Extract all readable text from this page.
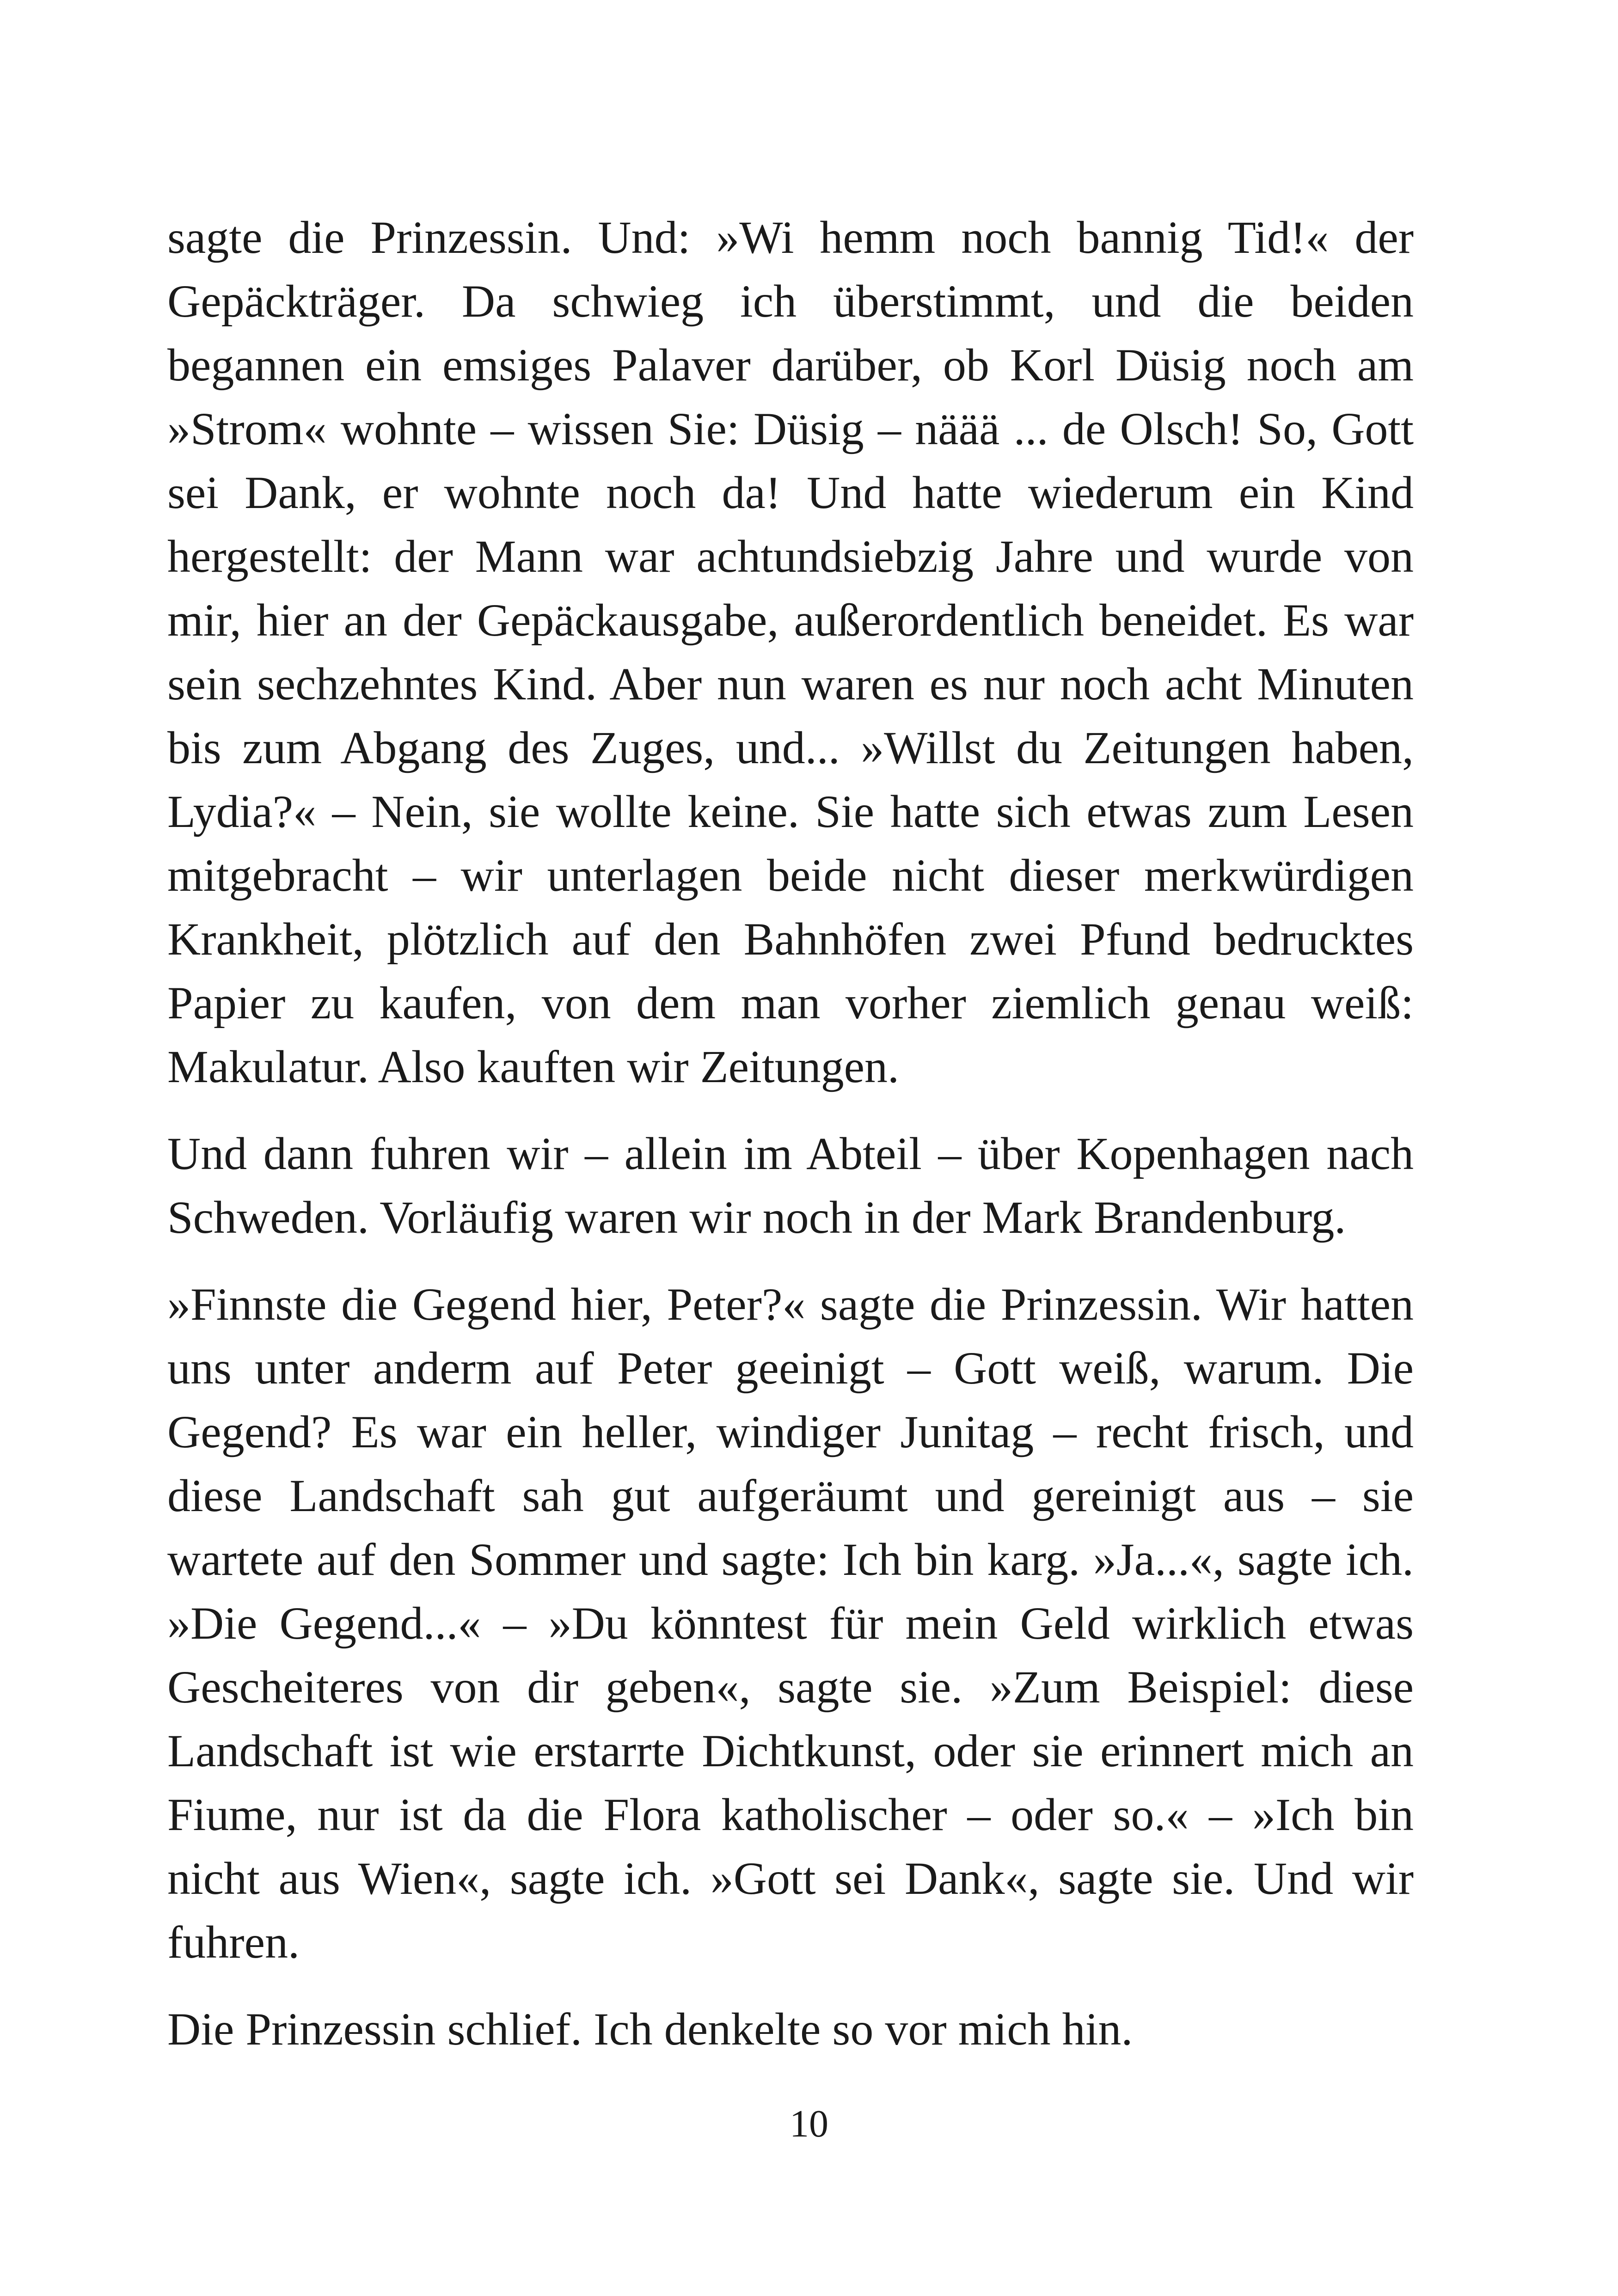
sagte die Prinzessin. Und: »Wi hemm noch bannig Tid!« der Gepäckträger. Da schwieg ich überstimmt, und die beiden begannen ein emsiges Palaver darüber, ob Korl Düsig noch am »Strom« wohnte – wissen Sie: Düsig – näää ... de Olsch! So, Gott sei Dank, er wohnte noch da! Und hatte wiederum ein Kind hergestellt: der Mann war achtundsiebzig Jahre und wurde von mir, hier an der Gepäckausgabe, außerordentlich beneidet. Es war sein sechzehntes Kind. Aber nun waren es nur noch acht Minuten bis zum Abgang des Zuges, und... »Willst du Zeitungen haben, Lydia?« – Nein, sie wollte keine. Sie hatte sich etwas zum Lesen mitgebracht – wir unterlagen beide nicht dieser merkwürdigen Krankheit, plötzlich auf den Bahnhöfen zwei Pfund bedrucktes Papier zu kaufen, von dem man vorher ziemlich genau weiß: Makulatur. Also kauften wir Zeitungen.

Und dann fuhren wir – allein im Abteil – über Kopenhagen nach Schweden. Vorläufig waren wir noch in der Mark Brandenburg.

»Finnste die Gegend hier, Peter?« sagte die Prinzessin. Wir hatten uns unter anderm auf Peter geeinigt – Gott weiß, warum. Die Gegend? Es war ein heller, windiger Junitag – recht frisch, und diese Landschaft sah gut aufgeräumt und gereinigt aus – sie wartete auf den Sommer und sagte: Ich bin karg. »Ja...«, sagte ich. »Die Gegend...« – »Du könntest für mein Geld wirklich etwas Gescheiteres von dir geben«, sagte sie. »Zum Beispiel: diese Landschaft ist wie erstarrte Dichtkunst, oder sie erinnert mich an Fiume, nur ist da die Flora katholischer – oder so.« – »Ich bin nicht aus Wien«, sagte ich. »Gott sei Dank«, sagte sie. Und wir fuhren.

Die Prinzessin schlief. Ich denkelte so vor mich hin.

10
